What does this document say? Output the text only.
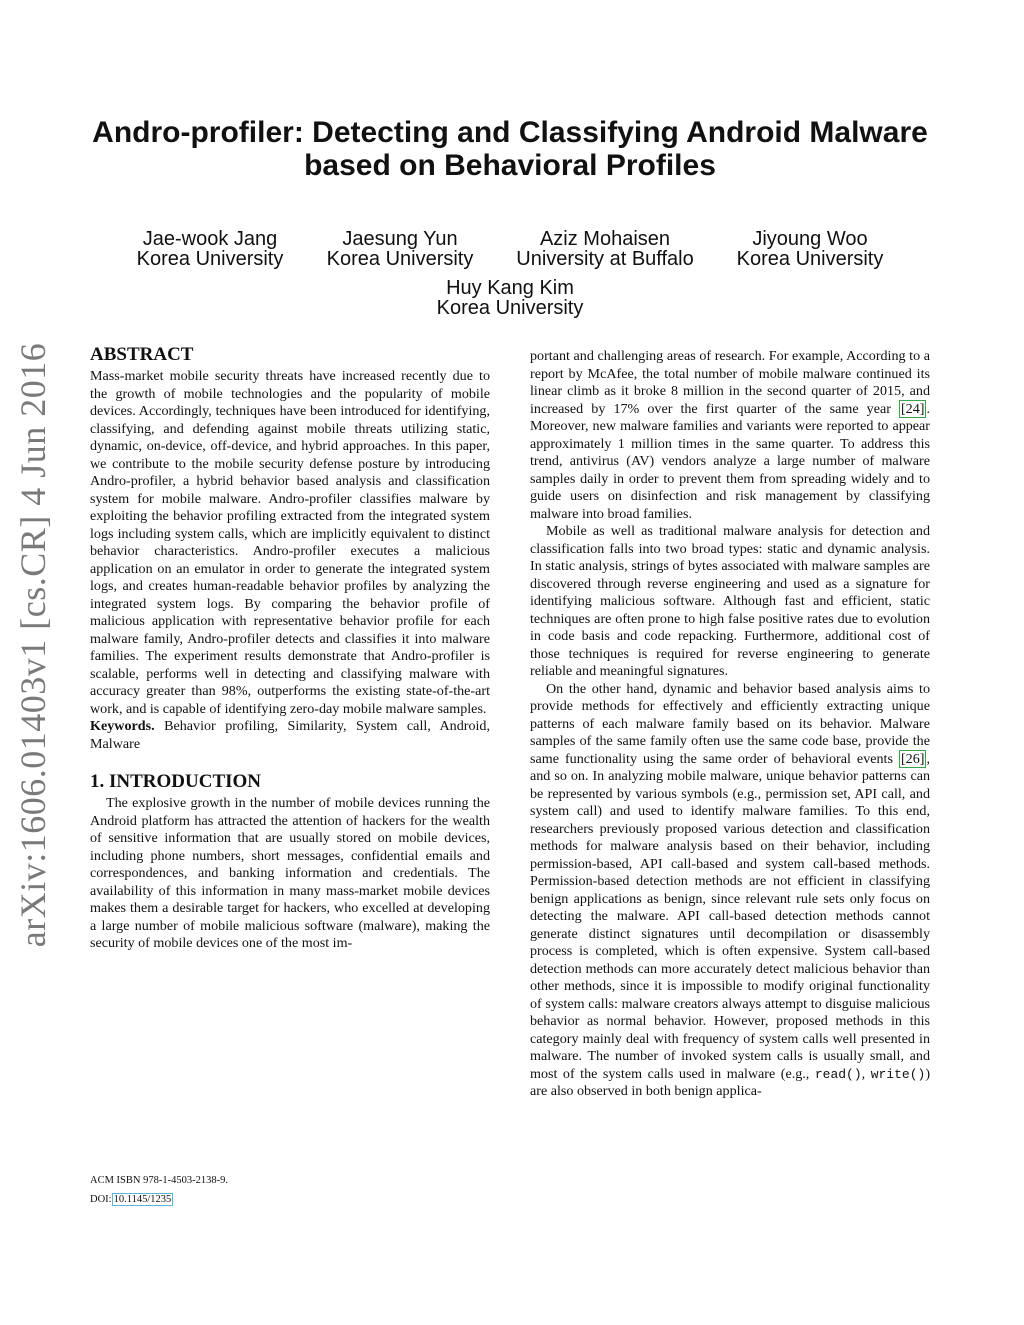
arXiv:1606.01403v1 [cs.CR] 4 Jun 2016
Andro-profiler: Detecting and Classifying Android Malware
based on Behavioral Profiles
Jae-wook Jang
Korea University
Jaesung Yun
Korea University
Aziz Mohaisen
University at Buffalo
Jiyoung Woo
Korea University
Huy Kang Kim
Korea University
ABSTRACT

Mass-market mobile security threats have increased recently due to the growth of mobile technologies and the popularity of mobile devices. Accordingly, techniques have been introduced for identifying, classifying, and defending against mobile threats utilizing static, dynamic, on-device, off-device, and hybrid approaches. In this paper, we contribute to the mobile security defense posture by introducing Andro-profiler, a hybrid behavior based analysis and classification system for mobile malware. Andro-profiler classifies malware by exploiting the behavior profiling extracted from the integrated system logs including system calls, which are implicitly equivalent to distinct behavior characteristics. Andro-profiler executes a malicious application on an emulator in order to generate the integrated system logs, and creates human-readable behavior profiles by analyzing the integrated system logs. By comparing the behavior profile of malicious application with representative behavior profile for each malware family, Andro-profiler detects and classifies it into malware families. The experiment results demonstrate that Andro-profiler is scalable, performs well in detecting and classifying malware with accuracy greater than 98%, outperforms the existing state-of-the-art work, and is capable of identifying zero-day mobile malware samples.

Keywords. Behavior profiling, Similarity, System call, Android, Malware

1. INTRODUCTION

The explosive growth in the number of mobile devices running the Android platform has attracted the attention of hackers for the wealth of sensitive information that are usually stored on mobile devices, including phone numbers, short messages, confidential emails and correspondences, and banking information and credentials. The availability of this information in many mass-market mobile devices makes them a desirable target for hackers, who excelled at developing a large number of mobile malicious software (malware), making the security of mobile devices one of the most im-

ACM ISBN 978-1-4503-2138-9.
DOI: 10.1145/1235

portant and challenging areas of research. For example, According to a report by McAfee, the total number of mobile malware continued its linear climb as it broke 8 million in the second quarter of 2015, and increased by 17% over the first quarter of the same year [24] . Moreover, new malware families and variants were reported to appear approximately 1 million times in the same quarter. To address this trend, antivirus (AV) vendors analyze a large number of malware samples daily in order to prevent them from spreading widely and to guide users on disinfection and risk management by classifying malware into broad families.

Mobile as well as traditional malware analysis for detection and classification falls into two broad types: static and dynamic analysis. In static analysis, strings of bytes associated with malware samples are discovered through reverse engineering and used as a signature for identifying malicious software. Although fast and efficient, static techniques are often prone to high false positive rates due to evolution in code basis and code repacking. Furthermore, additional cost of those techniques is required for reverse engineering to generate reliable and meaningful signatures.

On the other hand, dynamic and behavior based analysis aims to provide methods for effectively and efficiently extracting unique patterns of each malware family based on its behavior. Malware samples of the same family often use the same code base, provide the same functionality using the same order of behavioral events [26] , and so on. In analyzing mobile malware, unique behavior patterns can be represented by various symbols (e.g., permission set, API call, and system call) and used to identify malware families. To this end, researchers previously proposed various detection and classification methods for malware analysis based on their behavior, including permission-based, API call-based and system call-based methods. Permission-based detection methods are not efficient in classifying benign applications as benign, since relevant rule sets only focus on detecting the malware. API call-based detection methods cannot generate distinct signatures until decompilation or disassembly process is completed, which is often expensive. System call-based detection methods can more accurately detect malicious behavior than other methods, since it is impossible to modify original functionality of system calls: malware creators always attempt to disguise malicious behavior as normal behavior. However, proposed methods in this category mainly deal with frequency of system calls well presented in malware. The number of invoked system calls is usually small, and most of the system calls used in malware (e.g., read(), write()) are also observed in both benign applica-
